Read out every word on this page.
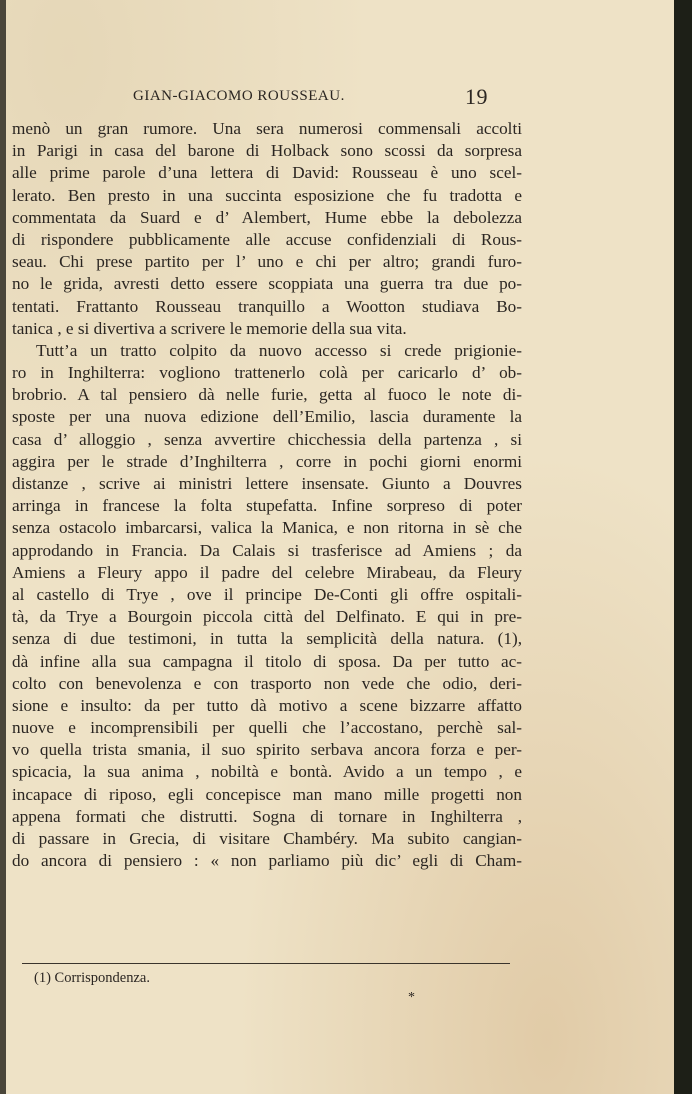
GIAN-GIACOMO ROUSSEAU.	19
menò un gran rumore. Una sera numerosi commensali accolti
in Parigi in casa del barone di Holback sono scossi da sorpresa
alle prime parole d’una lettera di David: Rousseau è uno scel-
lerato. Ben presto in una succinta esposizione che fu tradotta e
commentata da Suard e d’ Alembert, Hume ebbe la debolezza
di rispondere pubblicamente alle accuse confidenziali di Rous-
seau. Chi prese partito per l’ uno e chi per altro; grandi furo-
no le grida, avresti detto essere scoppiata una guerra tra due po-
tentati. Frattanto Rousseau tranquillo a Wootton studiava Bo-
tanica , e si divertiva a scrivere le memorie della sua vita.
Tutt’a un tratto colpito da nuovo accesso si crede prigionie-
ro in Inghilterra: vogliono trattenerlo colà per caricarlo d’ ob-
brobrio. A tal pensiero dà nelle furie, getta al fuoco le note di-
sposte per una nuova edizione dell’Emilio, lascia duramente la
casa d’ alloggio , senza avvertire chicchessia della partenza , si
aggira per le strade d’Inghilterra , corre in pochi giorni enormi
distanze , scrive ai ministri lettere insensate. Giunto a Douvres
arringa in francese la folta stupefatta. Infine sorpreso di poter
senza ostacolo imbarcarsi, valica la Manica, e non ritorna in sè che
approdando in Francia. Da Calais si trasferisce ad Amiens ; da
Amiens a Fleury appo il padre del celebre Mirabeau, da Fleury
al castello di Trye , ove il principe De-Conti gli offre ospitali-
tà, da Trye a Bourgoin piccola città del Delfinato. E qui in pre-
senza di due testimoni, in tutta la semplicità della natura. (1),
dà infine alla sua campagna il titolo di sposa. Da per tutto ac-
colto con benevolenza e con trasporto non vede che odio, deri-
sione e insulto: da per tutto dà motivo a scene bizzarre affatto
nuove e incomprensibili per quelli che l’accostano, perchè sal-
vo quella trista smania, il suo spirito serbava ancora forza e per-
spicacia, la sua anima , nobiltà e bontà. Avido a un tempo , e
incapace di riposo, egli concepisce man mano mille progetti non
appena formati che distrutti. Sogna di tornare in Inghilterra ,
di passare in Grecia, di visitare Chambéry. Ma subito cangian-
do ancora di pensiero : « non parliamo più dic’ egli di Cham-
(1) Corrispondenza.
*
